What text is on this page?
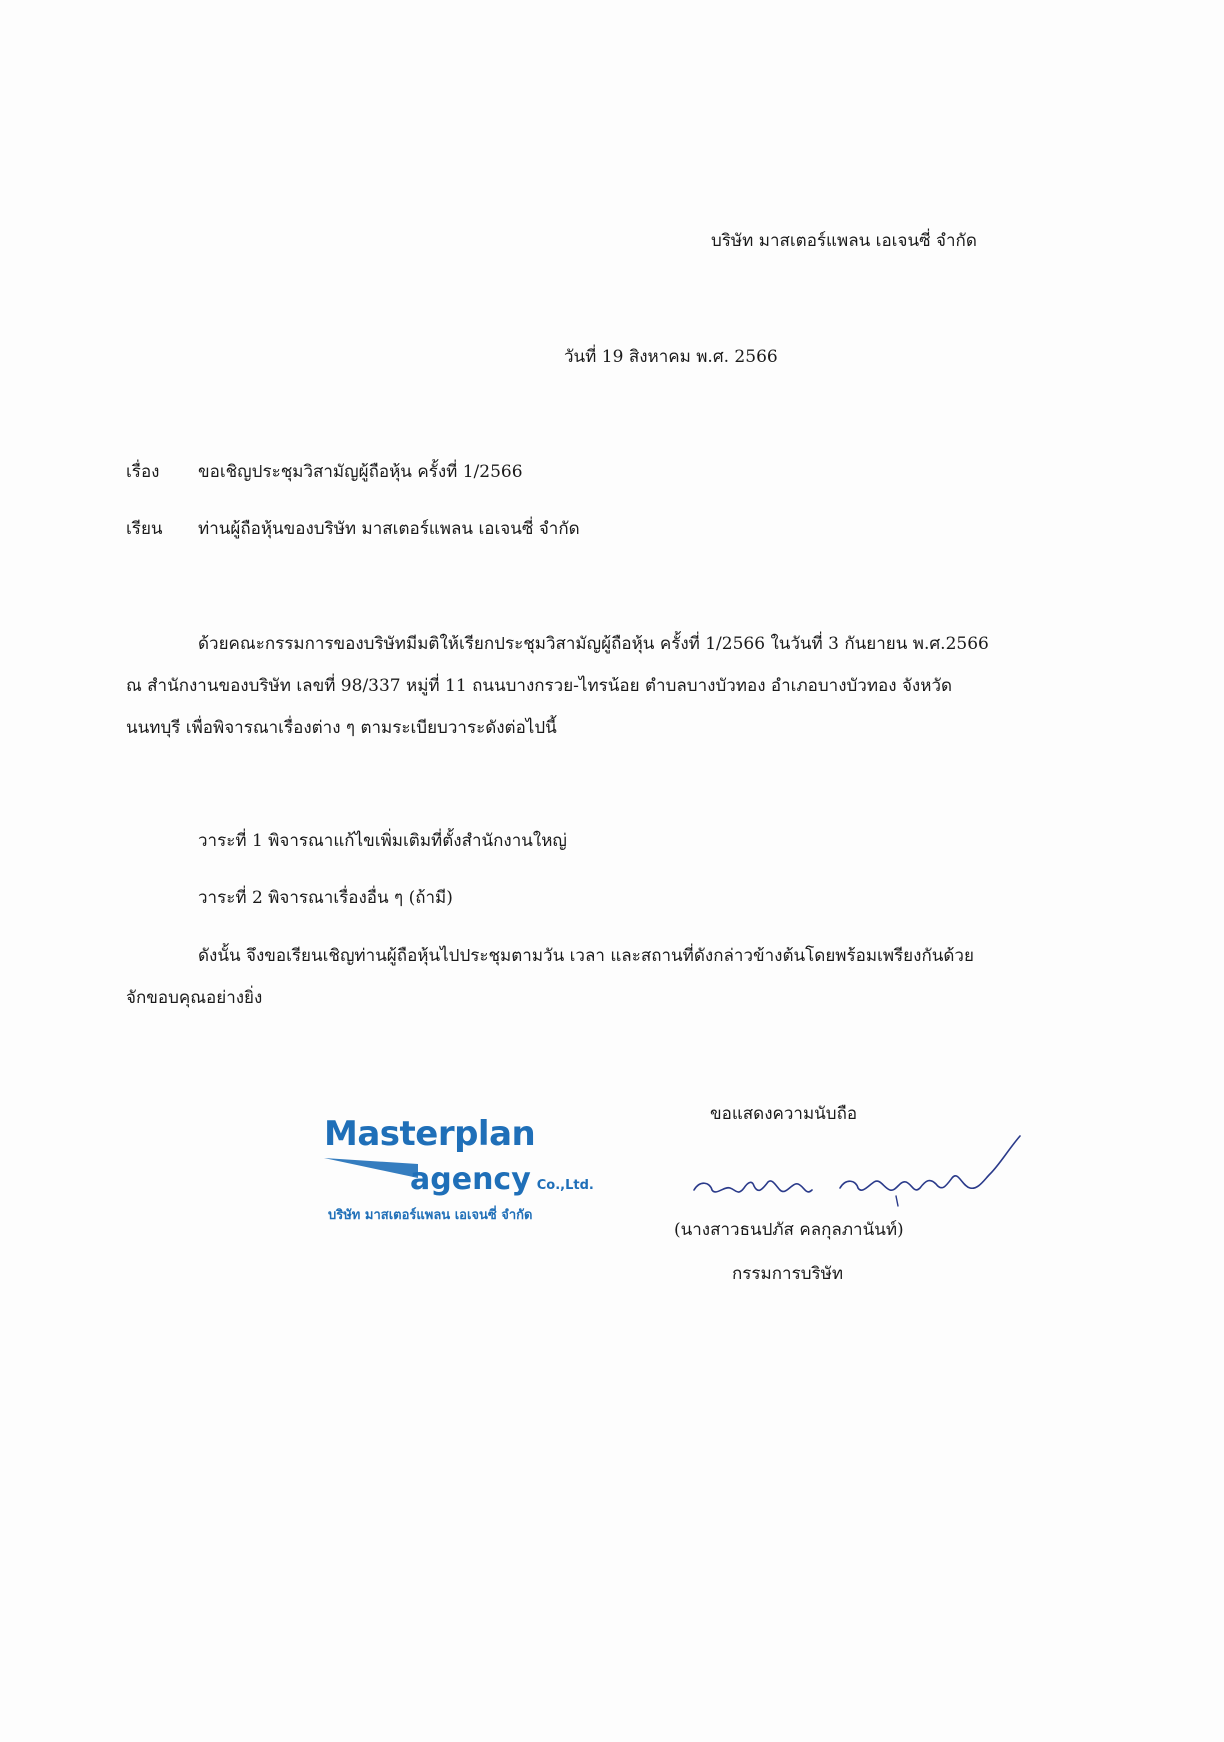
บริษัท มาสเตอร์แพลน เอเจนซี่ จำกัด
วันที่ 19 สิงหาคม พ.ศ. 2566
เรื่อง ขอเชิญประชุมวิสามัญผู้ถือหุ้น ครั้งที่ 1/2566
เรียน ท่านผู้ถือหุ้นของบริษัท มาสเตอร์แพลน เอเจนซี่ จำกัด
ด้วยคณะกรรมการของบริษัทมีมติให้เรียกประชุมวิสามัญผู้ถือหุ้น ครั้งที่ 1/2566 ในวันที่ 3 กันยายน พ.ศ.2566
ณ สำนักงานของบริษัท เลขที่ 98/337 หมู่ที่ 11 ถนนบางกรวย-ไทรน้อย ตำบลบางบัวทอง อำเภอบางบัวทอง จังหวัด
นนทบุรี เพื่อพิจารณาเรื่องต่าง ๆ ตามระเบียบวาระดังต่อไปนี้
วาระที่ 1 พิจารณาแก้ไขเพิ่มเติมที่ตั้งสำนักงานใหญ่
วาระที่ 2 พิจารณาเรื่องอื่น ๆ (ถ้ามี)
ดังนั้น จึงขอเรียนเชิญท่านผู้ถือหุ้นไปประชุมตามวัน เวลา และสถานที่ดังกล่าวข้างต้นโดยพร้อมเพรียงกันด้วย
จักขอบคุณอย่างยิ่ง
ขอแสดงความนับถือ
Masterplan
agency Co.,Ltd.
บริษัท มาสเตอร์แพลน เอเจนซี่ จำกัด
(นางสาวธนปภัส คลกุลภานันท์)
กรรมการบริษัท
